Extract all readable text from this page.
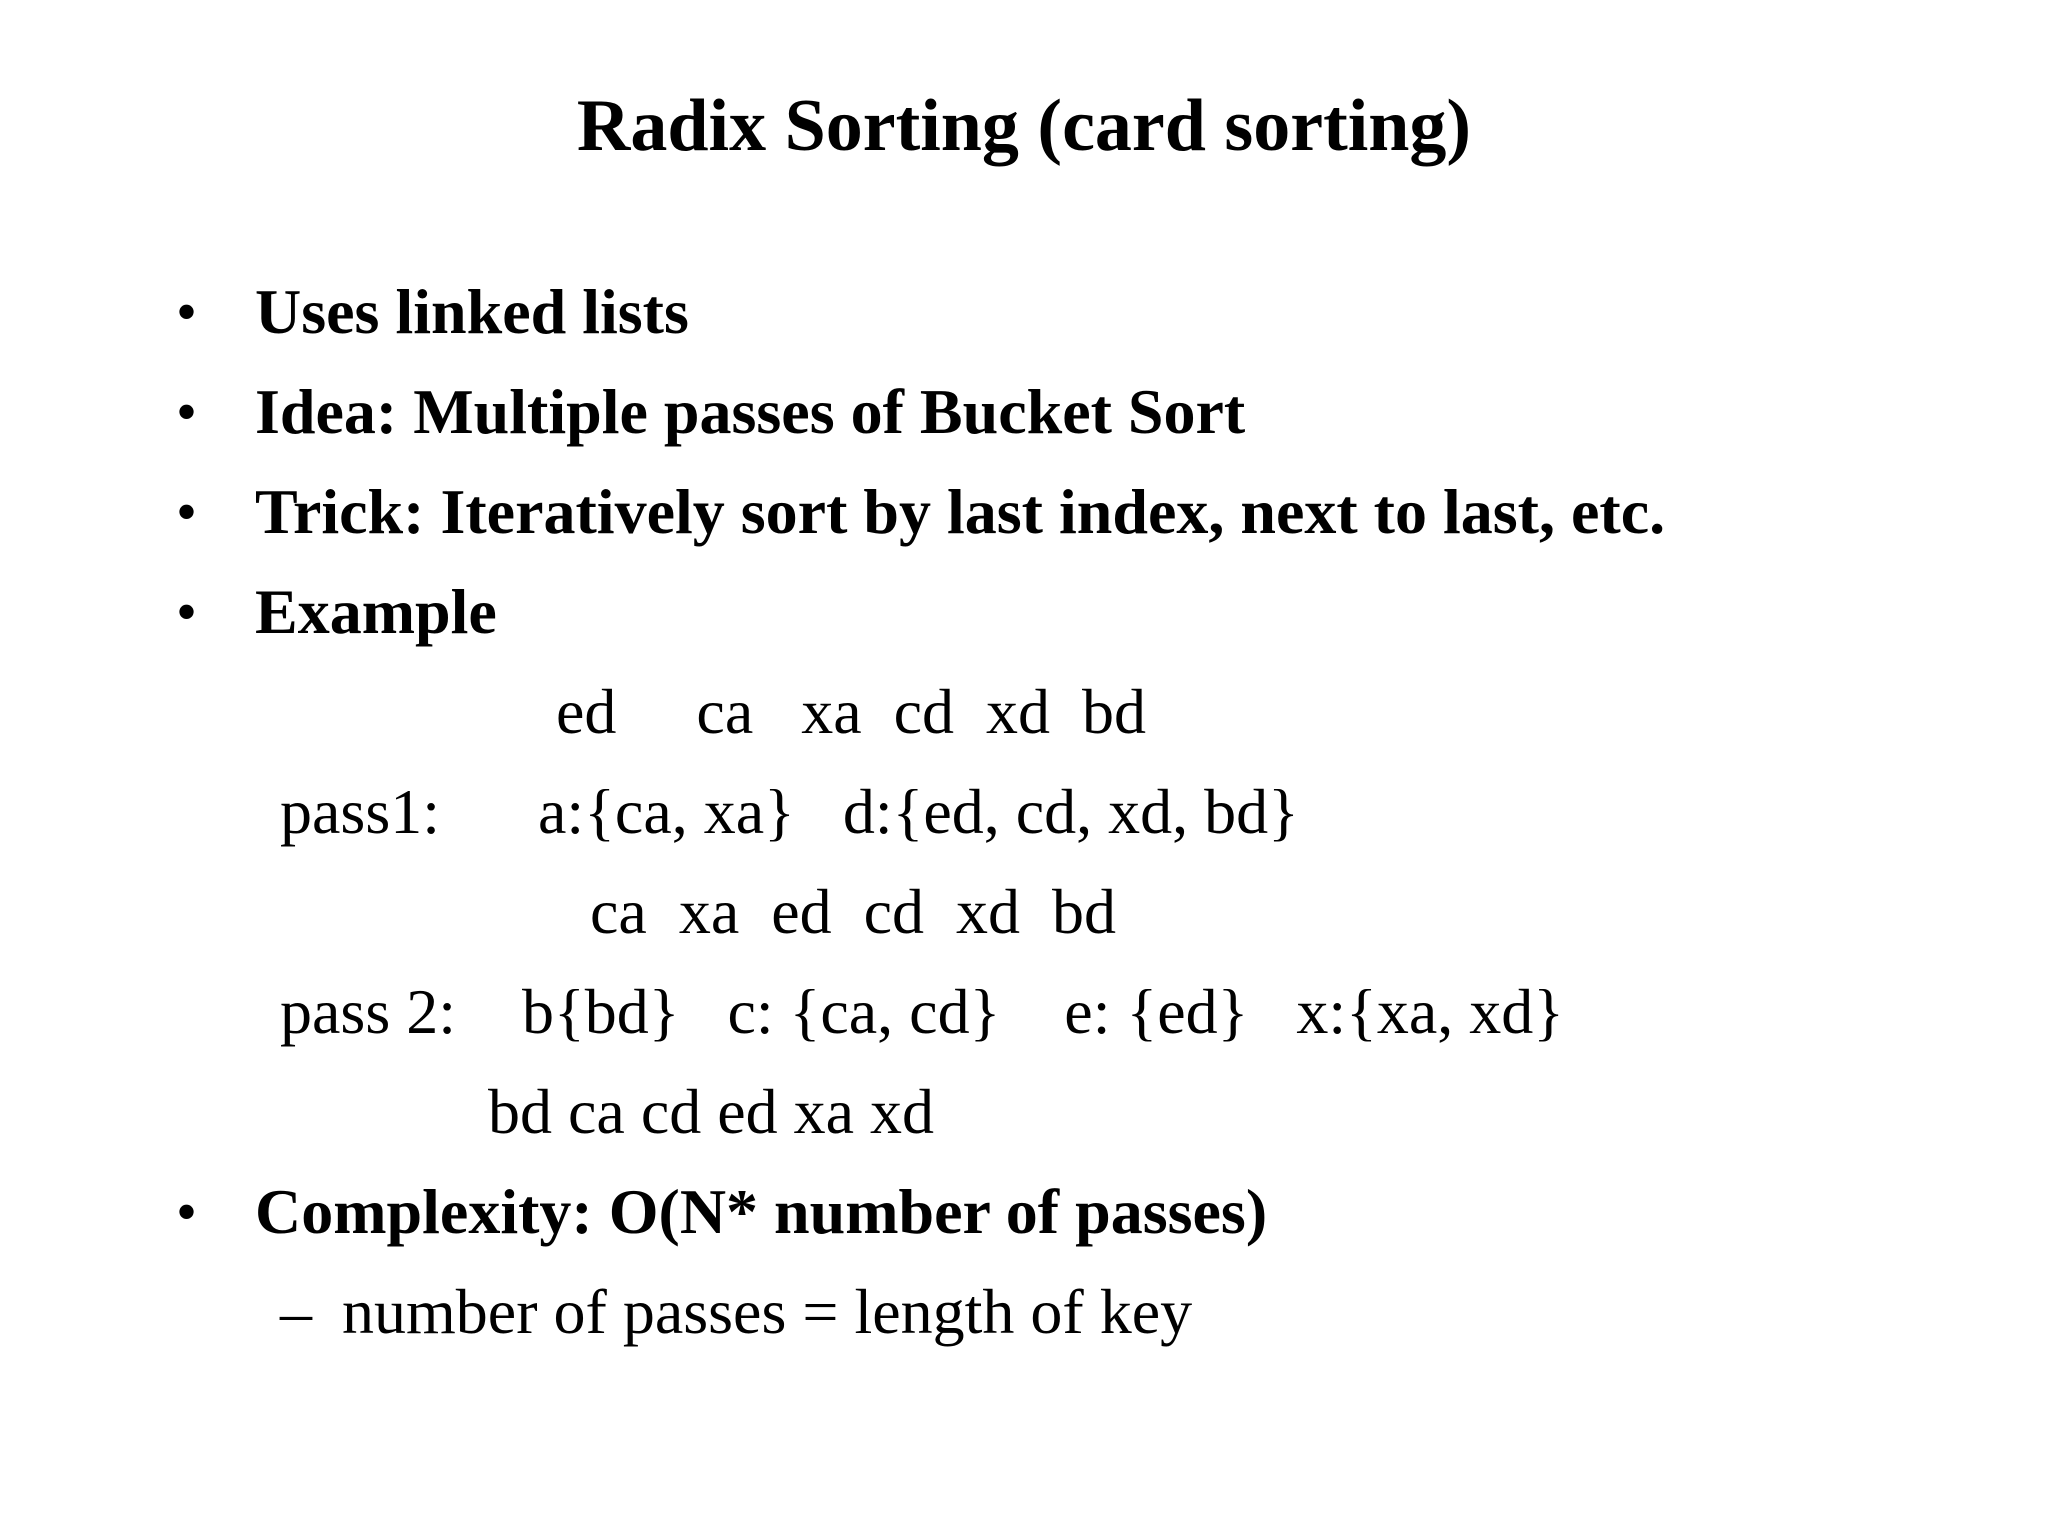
Radix Sorting (card sorting)
• Uses linked lists
• Idea: Multiple passes of Bucket Sort
• Trick: Iteratively sort by last index, next to last, etc.
• Example
ed     ca   xa  cd  xd  bd
pass1: a:{ca, xa}   d:{ed, cd, xd, bd}
ca  xa  ed  cd  xd  bd
pass 2: b{bd}   c: {ca, cd}    e: {ed}   x:{xa, xd}
bd ca cd ed xa xd
• Complexity: O(N* number of passes)
– number of passes = length of key
